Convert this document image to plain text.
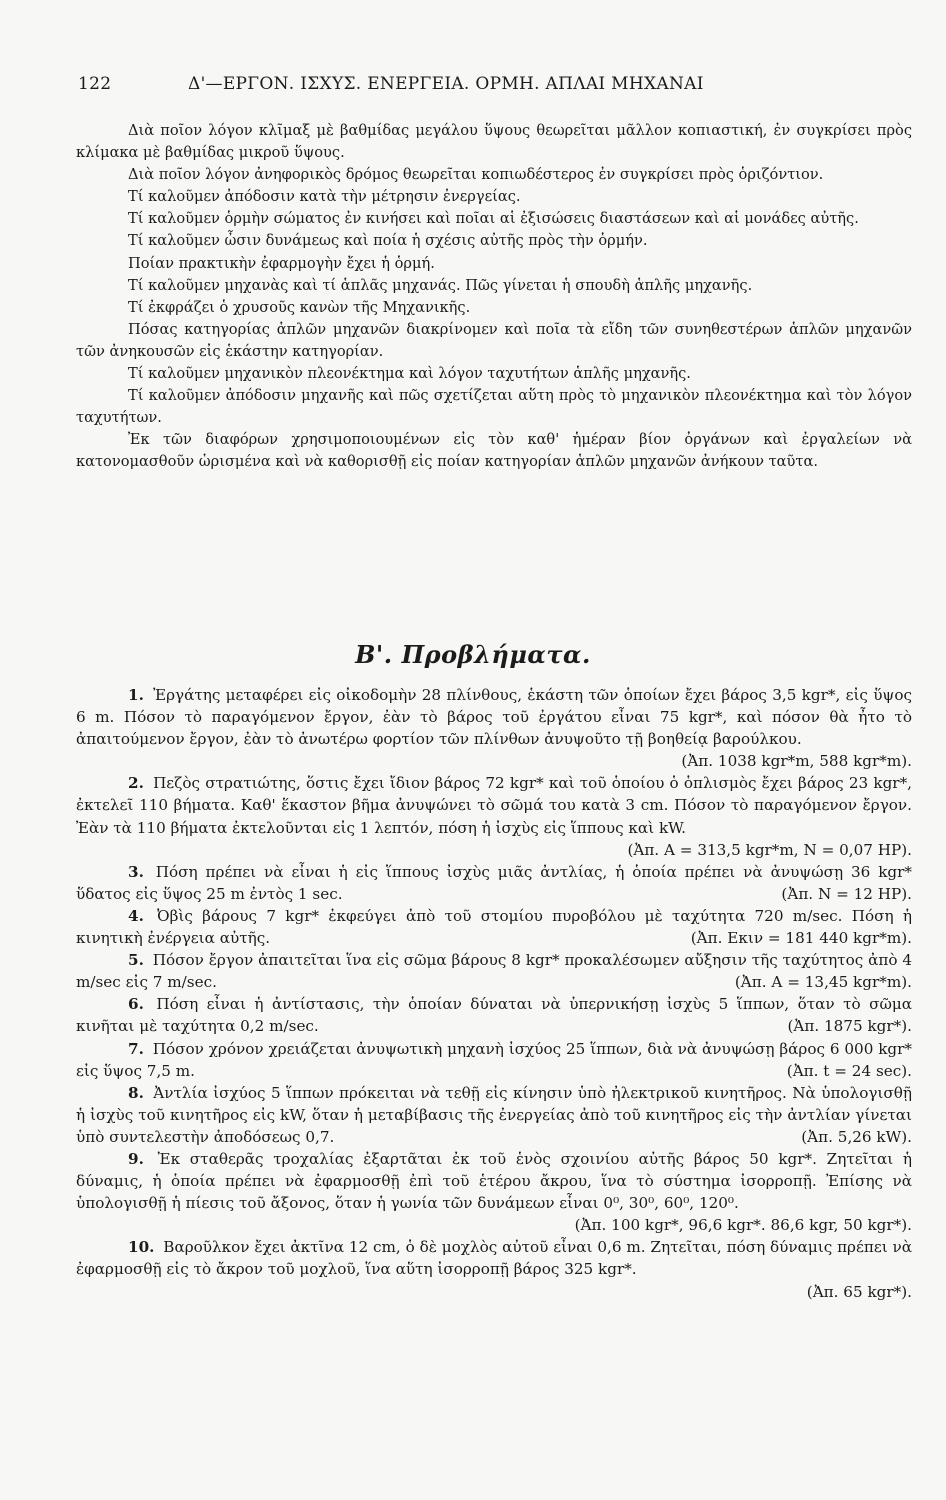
122	Δ'—ΕΡΓΟΝ. ΙΣΧΥΣ. ΕΝΕΡΓΕΙΑ. ΟΡΜΗ. ΑΠΛΑΙ ΜΗΧΑΝΑΙ

Διὰ ποῖον λόγον κλῖμαξ μὲ βαθμίδας μεγάλου ὕψους θεωρεῖται μᾶλλον κοπιαστική, ἐν συγκρίσει πρὸς κλίμακα μὲ βαθμίδας μικροῦ ὕψους.

Διὰ ποῖον λόγον ἀνηφορικὸς δρόμος θεωρεῖται κοπιωδέστερος ἐν συγκρίσει πρὸς ὁριζόντιον.

Τί καλοῦμεν ἀπόδοσιν κατὰ τὴν μέτρησιν ἐνεργείας.

Τί καλοῦμεν ὁρμὴν σώματος ἐν κινήσει καὶ ποῖαι αἱ ἐξισώσεις διαστάσεων καὶ αἱ μονάδες αὐτῆς.

Τί καλοῦμεν ὦσιν δυνάμεως καὶ ποία ἡ σχέσις αὐτῆς πρὸς τὴν ὁρμήν.

Ποίαν πρακτικὴν ἐφαρμογὴν ἔχει ἡ ὁρμή.

Τί καλοῦμεν μηχανὰς καὶ τί ἁπλᾶς μηχανάς. Πῶς γίνεται ἡ σπουδὴ ἁπλῆς μηχανῆς.

Τί ἐκφράζει ὁ χρυσοῦς κανὼν τῆς Μηχανικῆς.

Πόσας κατηγορίας ἁπλῶν μηχανῶν διακρίνομεν καὶ ποῖα τὰ εἴδη τῶν συνηθεστέρων ἁπλῶν μηχανῶν τῶν ἀνηκουσῶν εἰς ἑκάστην κατηγορίαν.

Τί καλοῦμεν μηχανικὸν πλεονέκτημα καὶ λόγον ταχυτήτων ἁπλῆς μηχανῆς.

Τί καλοῦμεν ἀπόδοσιν μηχανῆς καὶ πῶς σχετίζεται αὕτη πρὸς τὸ μηχανικὸν πλεονέκτημα καὶ τὸν λόγον ταχυτήτων.

Ἐκ τῶν διαφόρων χρησιμοποιουμένων εἰς τὸν καθ' ἡμέραν βίον ὀργάνων καὶ ἐργαλείων νὰ κατονομασθοῦν ὡρισμένα καὶ νὰ καθορισθῇ εἰς ποίαν κατηγορίαν ἁπλῶν μηχανῶν ἀνήκουν ταῦτα.

Β'. Προβλήματα.

1. Ἐργάτης μεταφέρει εἰς οἰκοδομὴν 28 πλίνθους, ἑκάστη τῶν ὁποίων ἔχει βάρος 3,5 kgr*, εἰς ὕψος 6 m. Πόσον τὸ παραγόμενον ἔργον, ἐὰν τὸ βάρος τοῦ ἐργάτου εἶναι 75 kgr*, καὶ πόσον θὰ ἦτο τὸ ἀπαιτούμενον ἔργον, ἐὰν τὸ ἀνωτέρω φορτίον τῶν πλίνθων ἀνυψοῦτο τῇ βοηθείᾳ βαρούλκου.
(Ἀπ. 1038 kgr*m, 588 kgr*m).

2. Πεζὸς στρατιώτης, ὅστις ἔχει ἴδιον βάρος 72 kgr* καὶ τοῦ ὁποίου ὁ ὁπλισμὸς ἔχει βάρος 23 kgr*, ἐκτελεῖ 110 βήματα. Καθ' ἕκαστον βῆμα ἀνυψώνει τὸ σῶμά του κατὰ 3 cm. Πόσον τὸ παραγόμενον ἔργον. Ἐὰν τὰ 110 βήματα ἐκτελοῦνται εἰς 1 λεπτόν, πόση ἡ ἰσχὺς εἰς ἵππους καὶ kW.
(Ἀπ. A = 313,5 kgr*m, N = 0,07 HP).

3. Πόση πρέπει νὰ εἶναι ἡ εἰς ἵππους ἰσχὺς μιᾶς ἀντλίας, ἡ ὁποία πρέπει νὰ ἀνυψώσῃ 36 kgr* ὕδατος εἰς ὕψος 25 m ἐντὸς 1 sec.	(Ἀπ. N = 12 HP).

4. Ὀβὶς βάρους 7 kgr* ἐκφεύγει ἀπὸ τοῦ στομίου πυροβόλου μὲ ταχύτητα 720 m/sec. Πόση ἡ κινητικὴ ἐνέργεια αὐτῆς.	(Ἀπ. Eκιν = 181 440 kgr*m).

5. Πόσον ἔργον ἀπαιτεῖται ἵνα εἰς σῶμα βάρους 8 kgr* προκαλέσωμεν αὔξησιν τῆς ταχύτητος ἀπὸ 4 m/sec εἰς 7 m/sec.	(Ἀπ. A = 13,45 kgr*m).

6. Πόση εἶναι ἡ ἀντίστασις, τὴν ὁποίαν δύναται νὰ ὑπερνικήσῃ ἰσχὺς 5 ἵππων, ὅταν τὸ σῶμα κινῆται μὲ ταχύτητα 0,2 m/sec.	(Ἀπ. 1875 kgr*).

7. Πόσον χρόνον χρειάζεται ἀνυψωτικὴ μηχανὴ ἰσχύος 25 ἵππων, διὰ νὰ ἀνυψώσῃ βάρος 6 000 kgr* εἰς ὕψος 7,5 m.	(Ἀπ. t = 24 sec).

8. Ἀντλία ἰσχύος 5 ἵππων πρόκειται νὰ τεθῇ εἰς κίνησιν ὑπὸ ἠλεκτρικοῦ κινητῆρος. Νὰ ὑπολογισθῇ ἡ ἰσχὺς τοῦ κινητῆρος εἰς kW, ὅταν ἡ μεταβίβασις τῆς ἐνεργείας ἀπὸ τοῦ κινητῆρος εἰς τὴν ἀντλίαν γίνεται ὑπὸ συντελεστὴν ἀποδόσεως 0,7.	(Ἀπ. 5,26 kW).

9. Ἐκ σταθερᾶς τροχαλίας ἐξαρτᾶται ἐκ τοῦ ἑνὸς σχοινίου αὐτῆς βάρος 50 kgr*. Ζητεῖται ἡ δύναμις, ἡ ὁποία πρέπει νὰ ἐφαρμοσθῇ ἐπὶ τοῦ ἑτέρου ἄκρου, ἵνα τὸ σύστημα ἰσορροπῇ. Ἐπίσης νὰ ὑπολογισθῇ ἡ πίεσις τοῦ ἄξονος, ὅταν ἡ γωνία τῶν δυνάμεων εἶναι 0⁰, 30⁰, 60⁰, 120⁰.
(Ἀπ. 100 kgr*, 96,6 kgr*. 86,6 kgr, 50 kgr*).

10. Βαροῦλκον ἔχει ἀκτῖνα 12 cm, ὁ δὲ μοχλὸς αὐτοῦ εἶναι 0,6 m. Ζητεῖται, πόση δύναμις πρέπει νὰ ἐφαρμοσθῇ εἰς τὸ ἄκρον τοῦ μοχλοῦ, ἵνα αὕτη ἰσορροπῇ βάρος 325 kgr*.
(Ἀπ. 65 kgr*).
